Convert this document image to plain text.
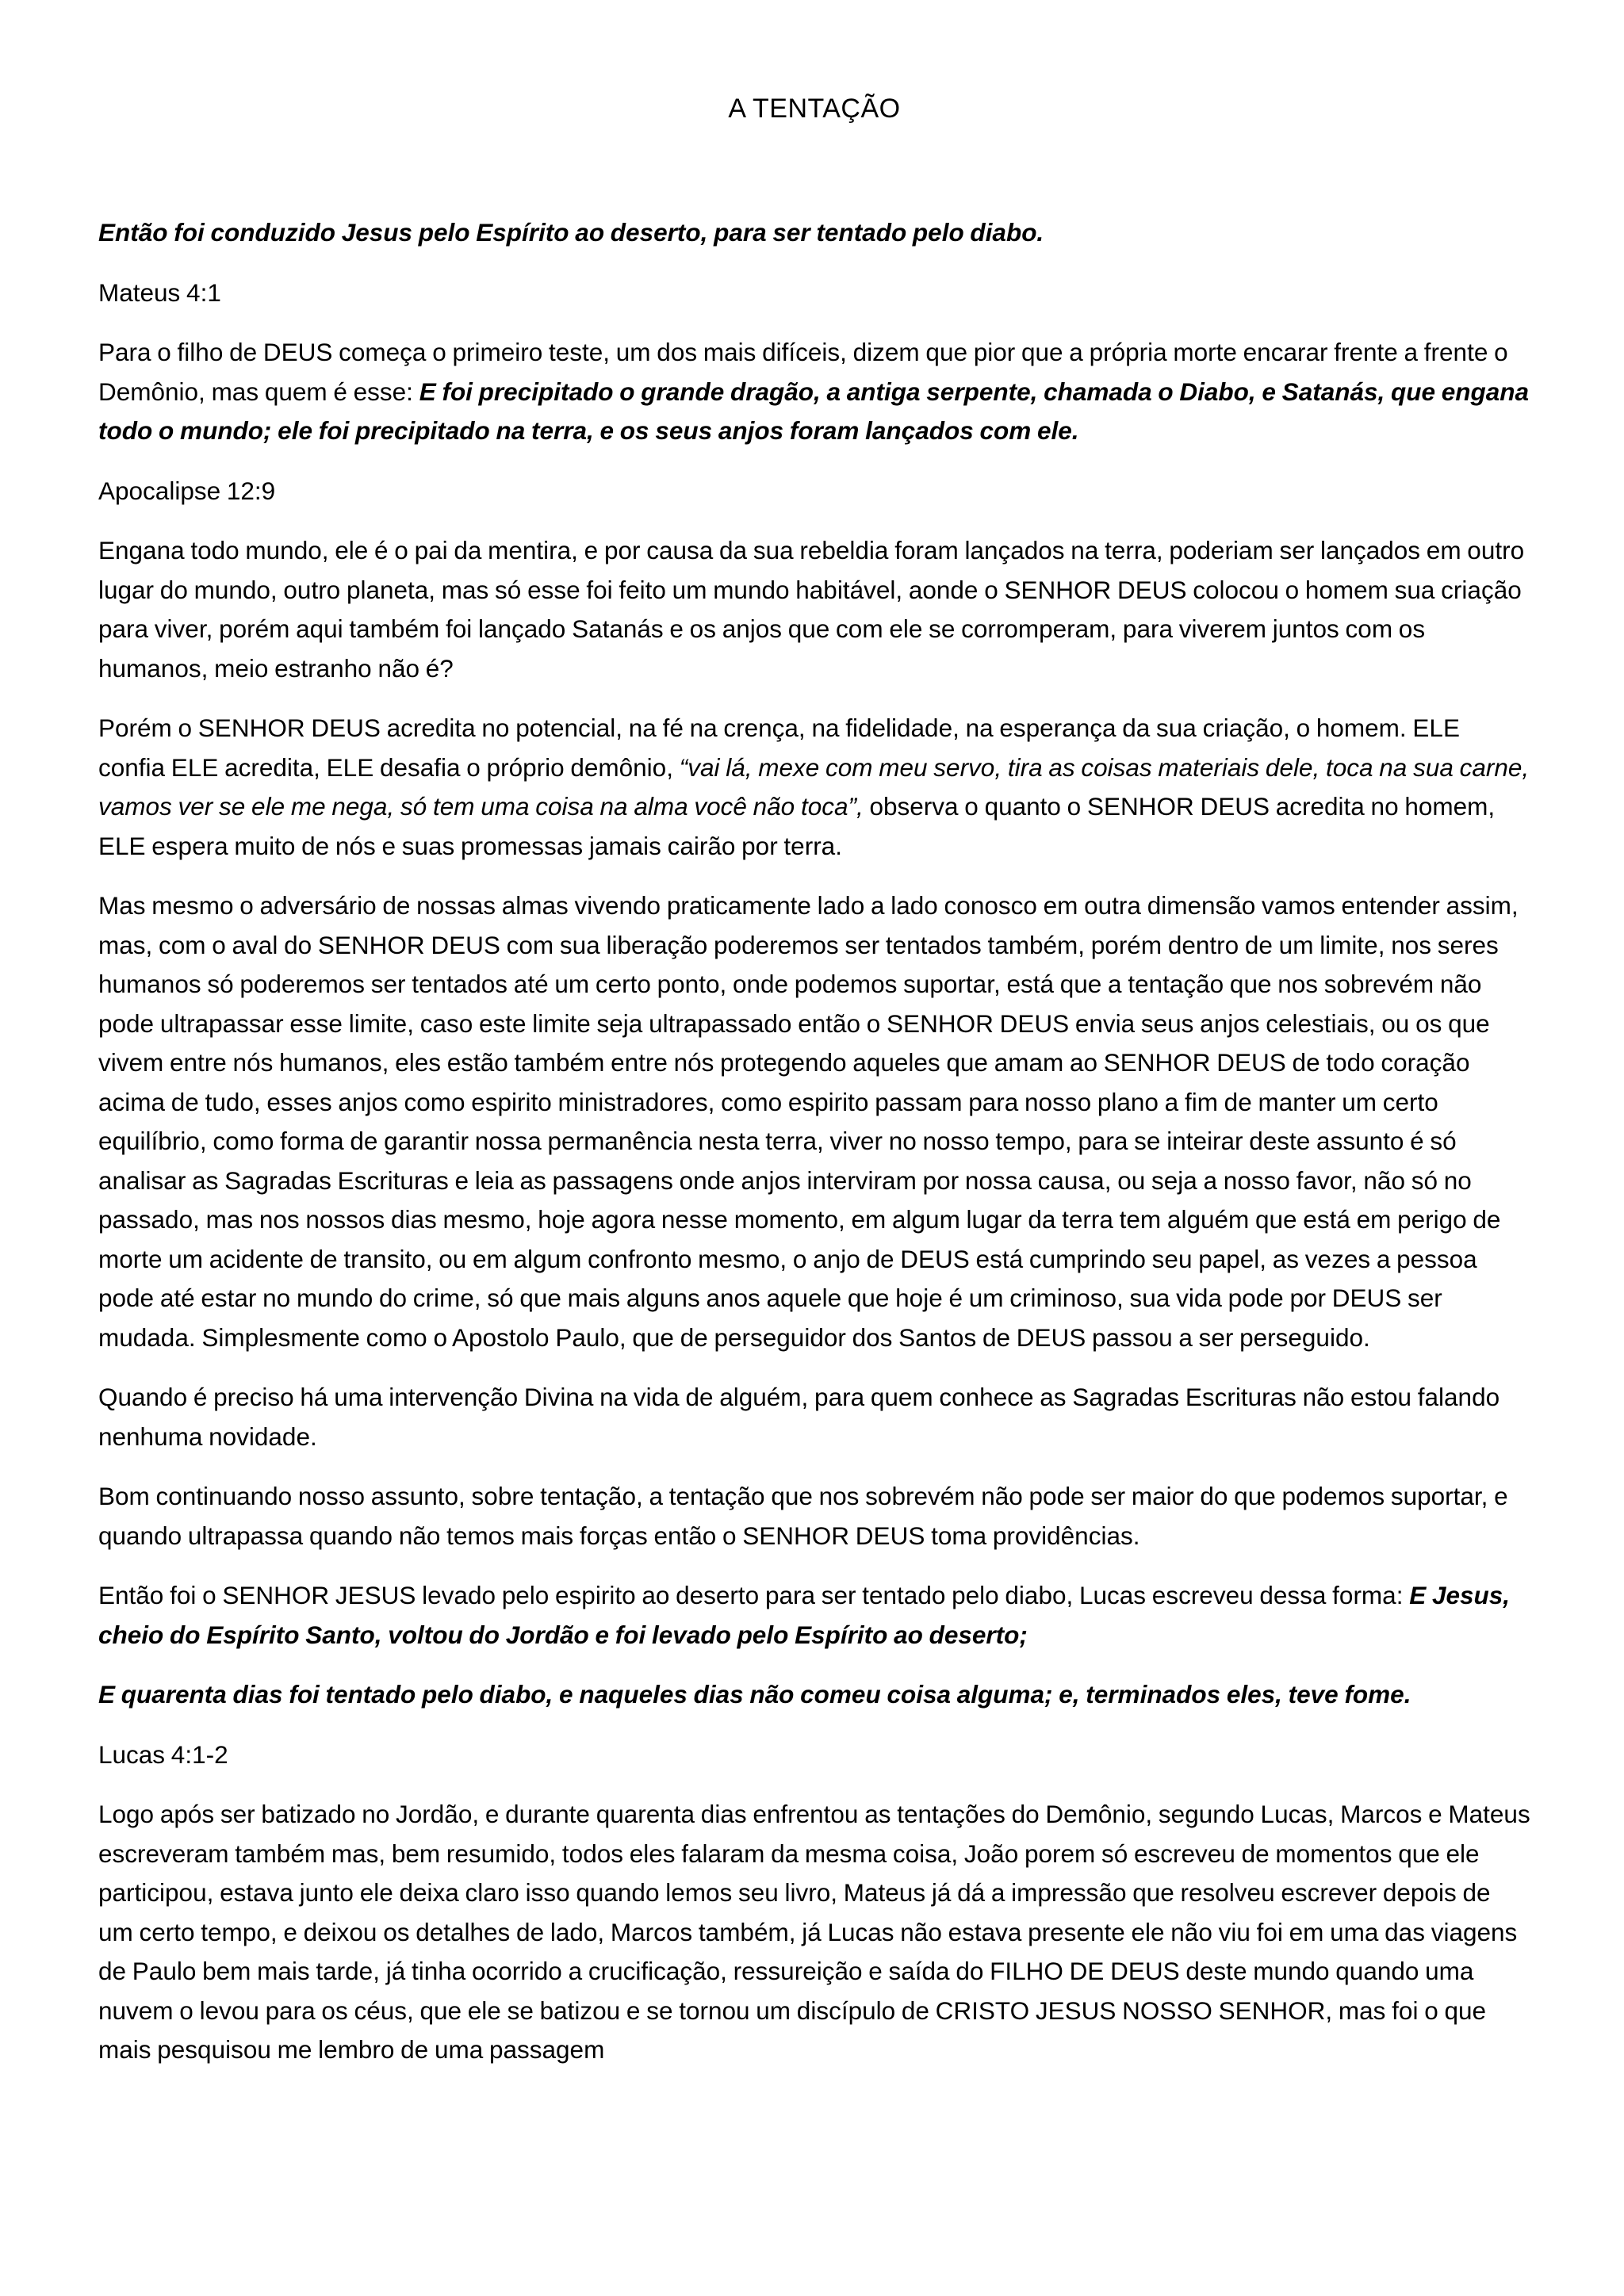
A TENTAÇÃO

Então foi conduzido Jesus pelo Espírito ao deserto, para ser tentado pelo diabo.

Mateus 4:1

Para o filho de DEUS começa o primeiro teste, um dos mais difíceis, dizem que pior que a própria morte encarar frente a frente o Demônio, mas quem é esse: E foi precipitado o grande dragão, a antiga serpente, chamada o Diabo, e Satanás, que engana todo o mundo; ele foi precipitado na terra, e os seus anjos foram lançados com ele.

Apocalipse 12:9

Engana todo mundo, ele é o pai da mentira, e por causa da sua rebeldia foram lançados na terra, poderiam ser lançados em outro lugar do mundo, outro planeta, mas só esse foi feito um mundo habitável, aonde o SENHOR DEUS colocou o homem sua criação para viver, porém aqui também foi lançado Satanás e os anjos que com ele se corromperam, para viverem juntos com os humanos, meio estranho não é?

Porém o SENHOR DEUS acredita no potencial, na fé na crença, na fidelidade, na esperança da sua criação, o homem. ELE confia ELE acredita, ELE desafia o próprio demônio, “vai lá, mexe com meu servo, tira as coisas materiais dele, toca na sua carne, vamos ver se ele me nega, só tem uma coisa na alma você não toca”, observa o quanto o SENHOR DEUS acredita no homem, ELE espera muito de nós e suas promessas jamais cairão por terra.

Mas mesmo o adversário de nossas almas vivendo praticamente lado a lado conosco em outra dimensão vamos entender assim, mas, com o aval do SENHOR DEUS com sua liberação poderemos ser tentados também, porém dentro de um limite, nos seres humanos só poderemos ser tentados até um certo ponto, onde podemos suportar, está que a tentação que nos sobrevém não pode ultrapassar esse limite, caso este limite seja ultrapassado então o SENHOR DEUS envia seus anjos celestiais, ou os que vivem entre nós humanos, eles estão também entre nós protegendo aqueles que amam ao SENHOR DEUS de todo coração acima de tudo, esses anjos como espirito ministradores, como espirito passam para nosso plano a fim de manter um certo equilíbrio, como forma de garantir nossa permanência nesta terra, viver no nosso tempo, para se inteirar deste assunto é só analisar as Sagradas Escrituras e leia as passagens onde anjos interviram por nossa causa, ou seja a nosso favor, não só no passado, mas nos nossos dias mesmo, hoje agora nesse momento, em algum lugar da terra tem alguém que está em perigo de morte um acidente de transito, ou em algum confronto mesmo, o anjo de DEUS está cumprindo seu papel, as vezes a pessoa pode até estar no mundo do crime, só que mais alguns anos aquele que hoje é um criminoso, sua vida pode por DEUS ser mudada. Simplesmente como o Apostolo Paulo, que de perseguidor dos Santos de DEUS passou a ser perseguido.

Quando é preciso há uma intervenção Divina na vida de alguém, para quem conhece as Sagradas Escrituras não estou falando nenhuma novidade.

Bom continuando nosso assunto, sobre tentação, a tentação que nos sobrevém não pode ser maior do que podemos suportar, e quando ultrapassa quando não temos mais forças então o SENHOR DEUS toma providências.

Então foi o SENHOR JESUS levado pelo espirito ao deserto para ser tentado pelo diabo, Lucas escreveu dessa forma: E Jesus, cheio do Espírito Santo, voltou do Jordão e foi levado pelo Espírito ao deserto;

E quarenta dias foi tentado pelo diabo, e naqueles dias não comeu coisa alguma; e, terminados eles, teve fome.

Lucas 4:1-2

Logo após ser batizado no Jordão, e durante quarenta dias enfrentou as tentações do Demônio, segundo Lucas, Marcos e Mateus escreveram também mas, bem resumido, todos eles falaram da mesma coisa, João porem só escreveu de momentos que ele participou, estava junto ele deixa claro isso quando lemos seu livro, Mateus já dá a impressão que resolveu escrever depois de um certo tempo, e deixou os detalhes de lado, Marcos também, já Lucas não estava presente ele não viu foi em uma das viagens de Paulo bem mais tarde, já tinha ocorrido a crucificação, ressureição e saída do FILHO DE DEUS deste mundo quando uma nuvem o levou para os céus, que ele se batizou e se tornou um discípulo de CRISTO JESUS NOSSO SENHOR, mas foi o que mais pesquisou me lembro de uma passagem
